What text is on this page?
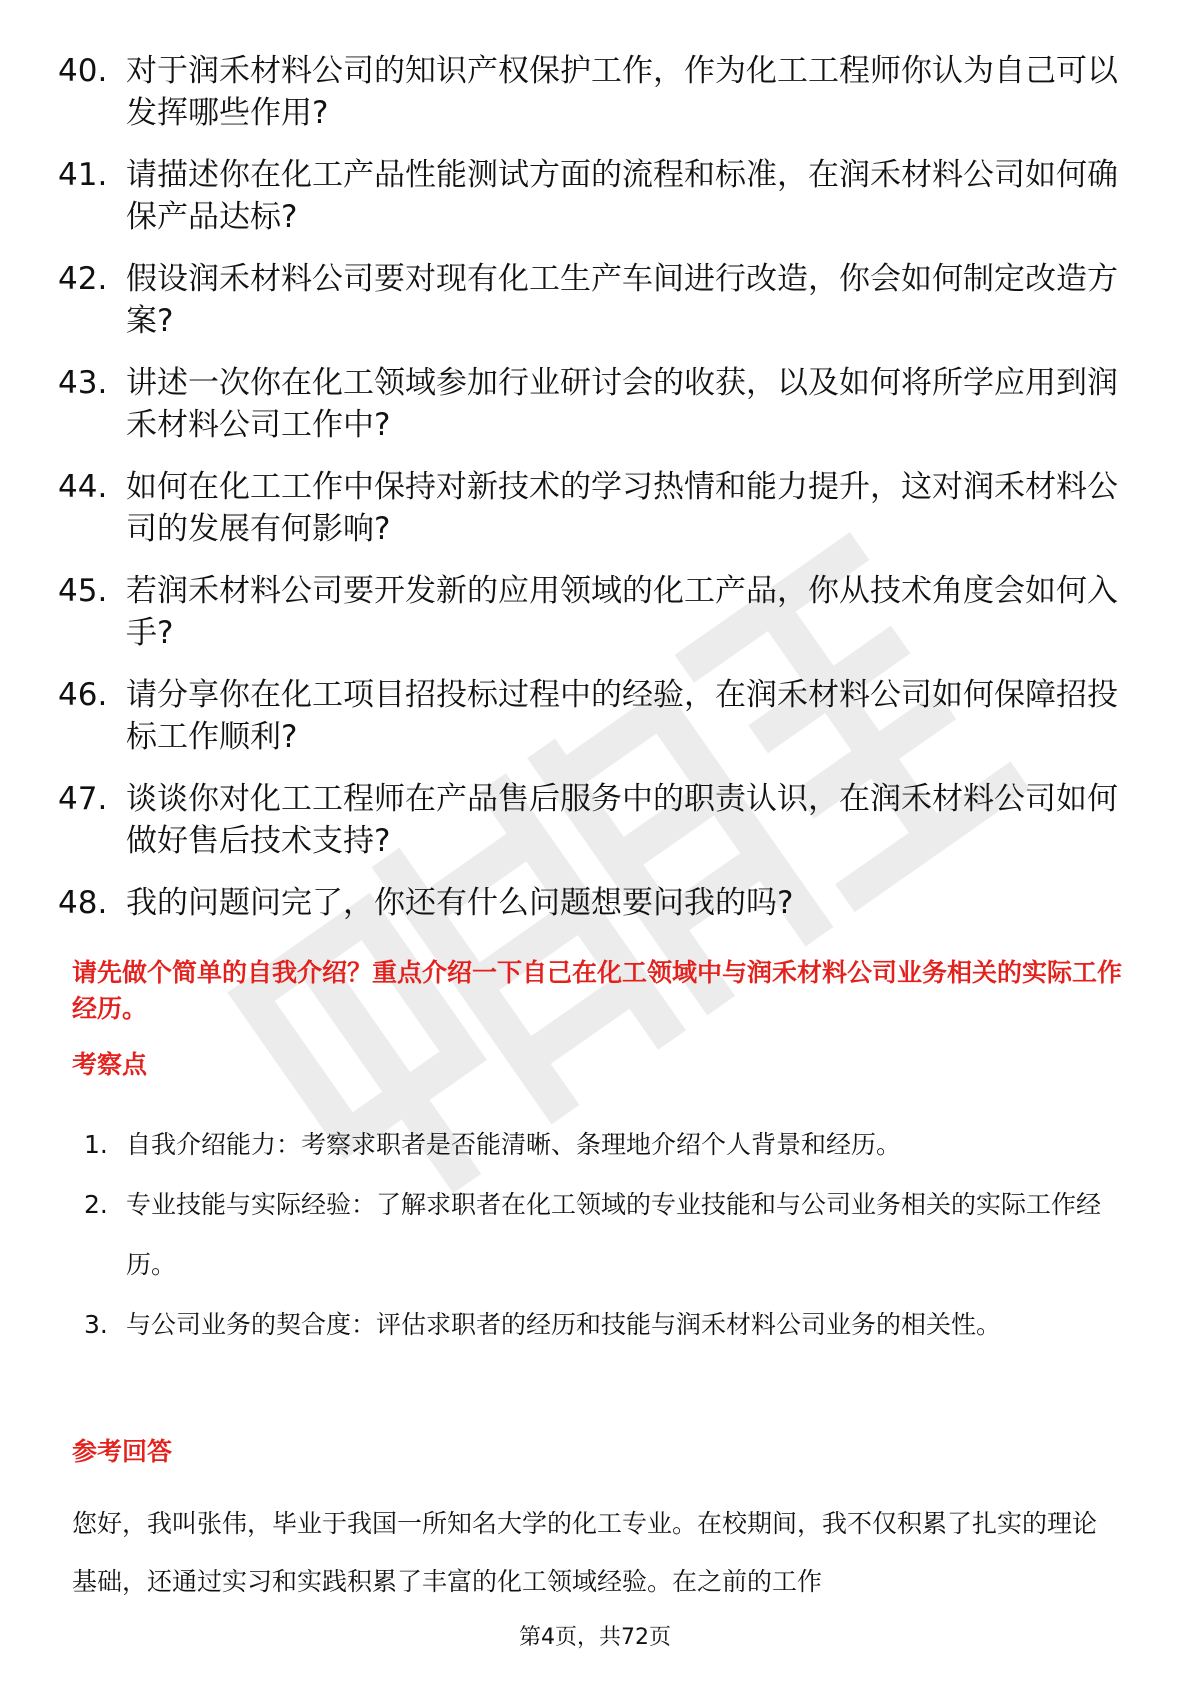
40. 对于润禾材料公司的知识产权保护工作，作为化工工程师你认为自己可以发挥哪些作用?
41. 请描述你在化工产品性能测试方面的流程和标准，在润禾材料公司如何确保产品达标?
42. 假设润禾材料公司要对现有化工生产车间进行改造，你会如何制定改造方案?
43. 讲述一次你在化工领域参加行业研讨会的收获，以及如何将所学应用到润禾材料公司工作中?
44. 如何在化工工作中保持对新技术的学习热情和能力提升，这对润禾材料公司的发展有何影响?
45. 若润禾材料公司要开发新的应用领域的化工产品，你从技术角度会如何入手?
46. 请分享你在化工项目招投标过程中的经验，在润禾材料公司如何保障招投标工作顺利?
47. 谈谈你对化工工程师在产品售后服务中的职责认识，在润禾材料公司如何做好售后技术支持?
48. 我的问题问完了，你还有什么问题想要问我的吗?
请先做个简单的自我介绍？重点介绍一下自己在化工领域中与润禾材料公司业务相关的实际工作经历。
考察点
1. 自我介绍能力：考察求职者是否能清晰、条理地介绍个人背景和经历。
2. 专业技能与实际经验：了解求职者在化工领域的专业技能和与公司业务相关的实际工作经历。
3. 与公司业务的契合度：评估求职者的经历和技能与润禾材料公司业务的相关性。
参考回答

您好，我叫张伟，毕业于我国一所知名大学的化工专业。在校期间，我不仅积累了扎实的理论基础，还通过实习和实践积累了丰富的化工领域经验。在之前的工作

第4页，共72页
